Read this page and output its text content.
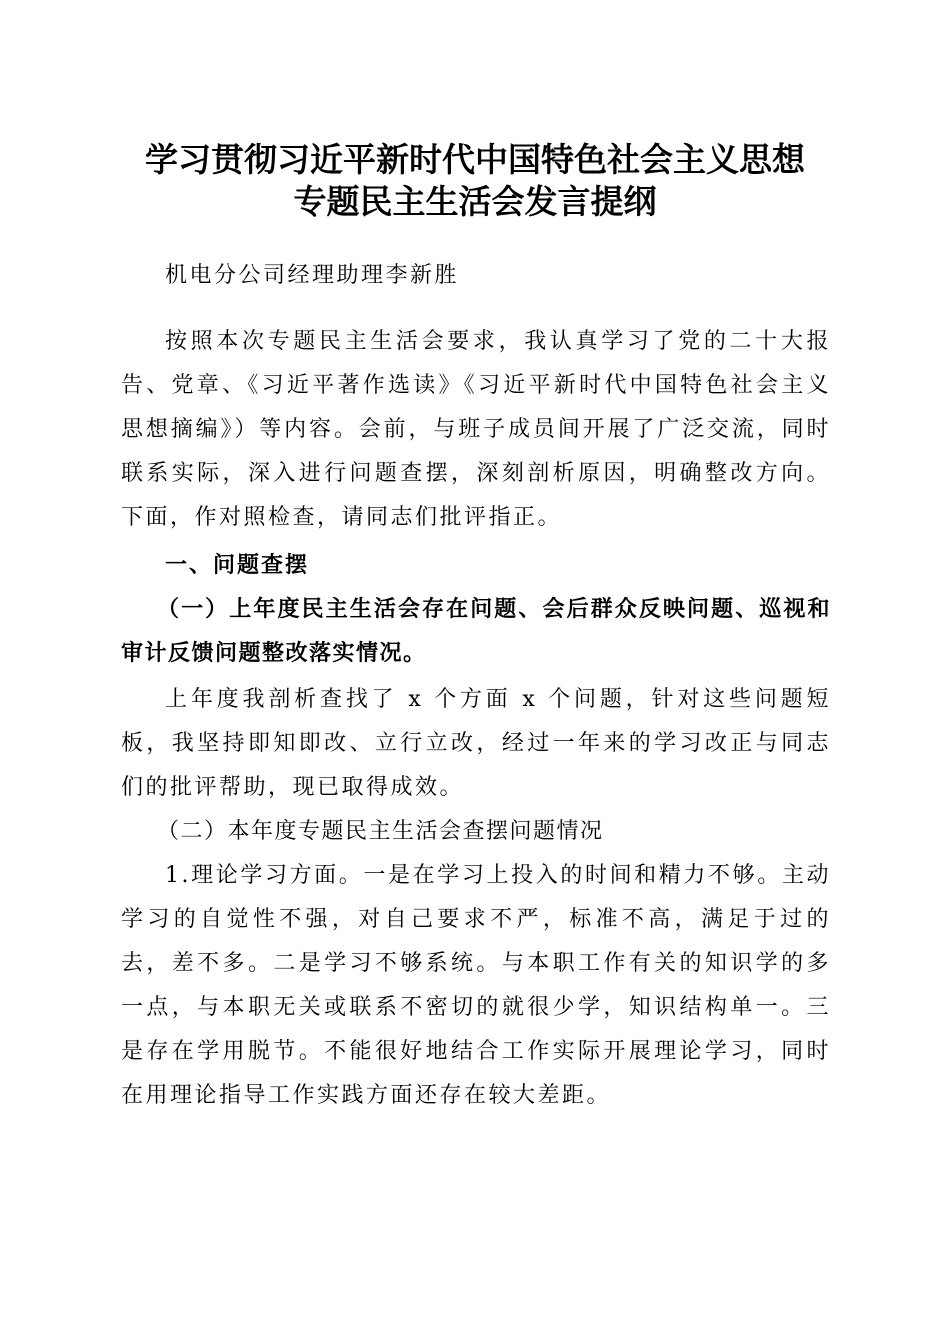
学习贯彻习近平新时代中国特色社会主义思想
专题民主生活会发言提纲

机电分公司经理助理李新胜

按照本次专题民主生活会要求，我认真学习了党的二十大报告、党章、《习近平著作选读》《习近平新时代中国特色社会主义思想摘编》）等内容。会前，与班子成员间开展了广泛交流，同时联系实际，深入进行问题查摆，深刻剖析原因，明确整改方向。下面，作对照检查，请同志们批评指正。

一、问题查摆

（一）上年度民主生活会存在问题、会后群众反映问题、巡视和审计反馈问题整改落实情况。

上年度我剖析查找了 x 个方面 x 个问题，针对这些问题短板，我坚持即知即改、立行立改，经过一年来的学习改正与同志们的批评帮助，现已取得成效。

（二）本年度专题民主生活会查摆问题情况

1.理论学习方面。一是在学习上投入的时间和精力不够。主动学习的自觉性不强，对自己要求不严，标准不高，满足于过的去，差不多。二是学习不够系统。与本职工作有关的知识学的多一点，与本职无关或联系不密切的就很少学，知识结构单一。三是存在学用脱节。不能很好地结合工作实际开展理论学习，同时在用理论指导工作实践方面还存在较大差距。
